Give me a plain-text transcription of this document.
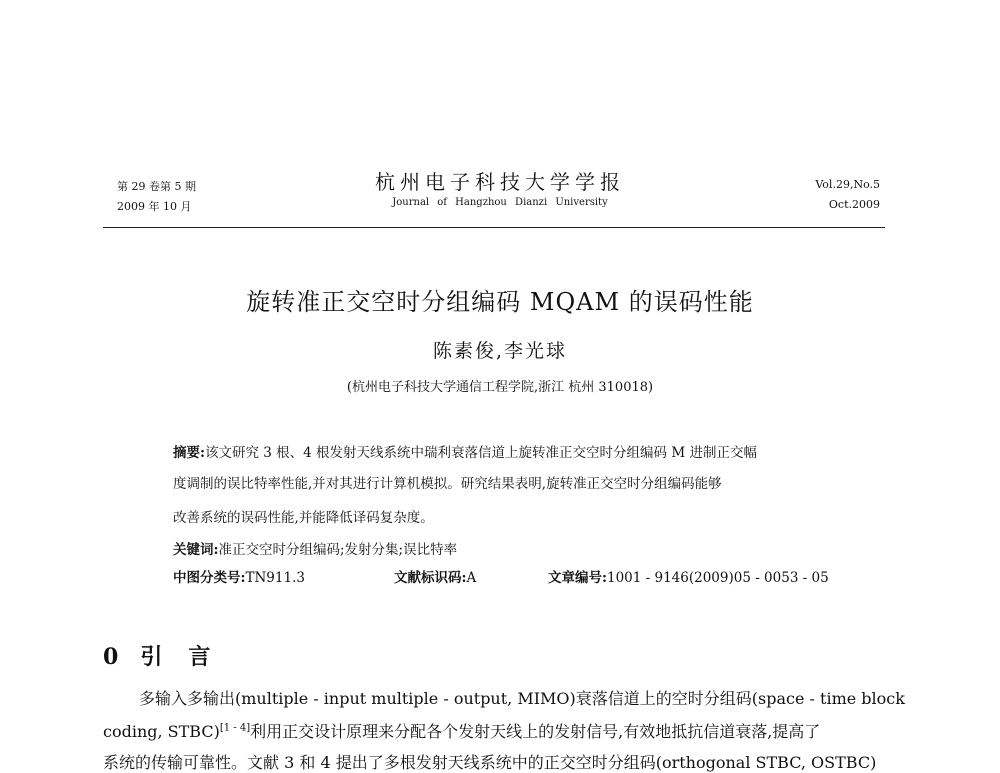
第 29 卷第 5 期
2009 年 10 月
杭州电子科技大学学报
Journal of Hangzhou Dianzi University
Vol.29,No.5
Oct.2009
旋转准正交空时分组编码 MQAM 的误码性能
陈素俊,李光球
(杭州电子科技大学通信工程学院,浙江 杭州 310018)
摘要:该文研究 3 根、4 根发射天线系统中瑞利衰落信道上旋转准正交空时分组编码 M 进制正交幅
度调制的误比特率性能,并对其进行计算机模拟。研究结果表明,旋转准正交空时分组编码能够
改善系统的误码性能,并能降低译码复杂度。
关键词:准正交空时分组编码;发射分集;误比特率
中图分类号:TN911.3	文献标识码:A	文章编号:1001 - 9146(2009)05 - 0053 - 05
0 引言
多输入多输出(multiple - input multiple - output, MIMO)衰落信道上的空时分组码(space - time block
coding, STBC)[1 - 4]利用正交设计原理来分配各个发射天线上的发射信号,有效地抵抗信道衰落,提高了
系统的传输可靠性。文献 3 和 4 提出了多根发射天线系统中的正交空时分组码(orthogonal STBC, OSTBC)
